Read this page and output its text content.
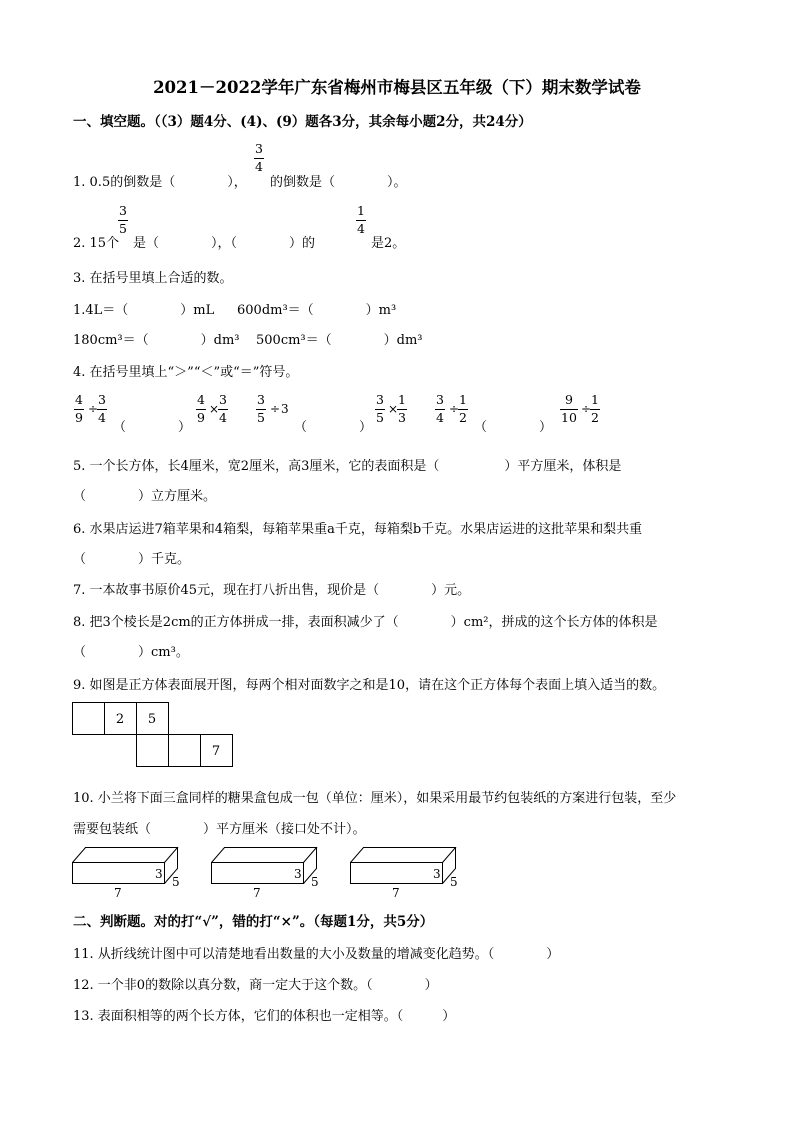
2021－2022学年广东省梅州市梅县区五年级（下）期末数学试卷
一、填空题。（（3）题4分、(4)、(9）题各3分，其余每小题2分，共24分）
1. 0.5的倒数是（　　　　），
3
4
的倒数是（　　　　）。
2. 15个
3
5
是（　　　　），（　　　　）的
1
4
是2。
3. 在括号里填上合适的数。
1.4L＝（　　　　）mL 600dm³＝（　　　　）m³
180cm³＝（　　　　）dm³ 500cm³＝（　　　　）dm³
4. 在括号里填上“＞”“＜”或“＝”符号。
4
9
÷
3
4
（　　　　）
4
9
×
3
4
3
5
÷ 3
（　　　　）
3
5
×
1
3
3
4
÷
1
2
（　　　　）
9
10
÷
1
2
5. 一个长方体，长4厘米，宽2厘米，高3厘米，它的表面积是（　　　　　）平方厘米，体积是
（　　　　）立方厘米。
6. 水果店运进7箱苹果和4箱梨，每箱苹果重a千克，每箱梨b千克。水果店运进的这批苹果和梨共重
（　　　　）千克。
7. 一本故事书原价45元，现在打八折出售，现价是（　　　　）元。
8. 把3个棱长是2cm的正方体拼成一排，表面积减少了（　　　　）cm²，拼成的这个长方体的体积是
（　　　　）cm³。
9. 如图是正方体表面展开图，每两个相对面数字之和是10，请在这个正方体每个表面上填入适当的数。
2 5
7
10. 小兰将下面三盒同样的糖果盒包成一包（单位：厘米），如果采用最节约包装纸的方案进行包装，至少
需要包装纸（　　　　）平方厘米（接口处不计）。
3
5
7
3
5
7
3
5
7
二、判断题。对的打“√”，错的打“×”。（每题1分，共5分）
11. 从折线统计图中可以清楚地看出数量的大小及数量的增减变化趋势。（　　　　）
12. 一个非0的数除以真分数，商一定大于这个数。（　　　　）
13. 表面积相等的两个长方体，它们的体积也一定相等。（　　　）
